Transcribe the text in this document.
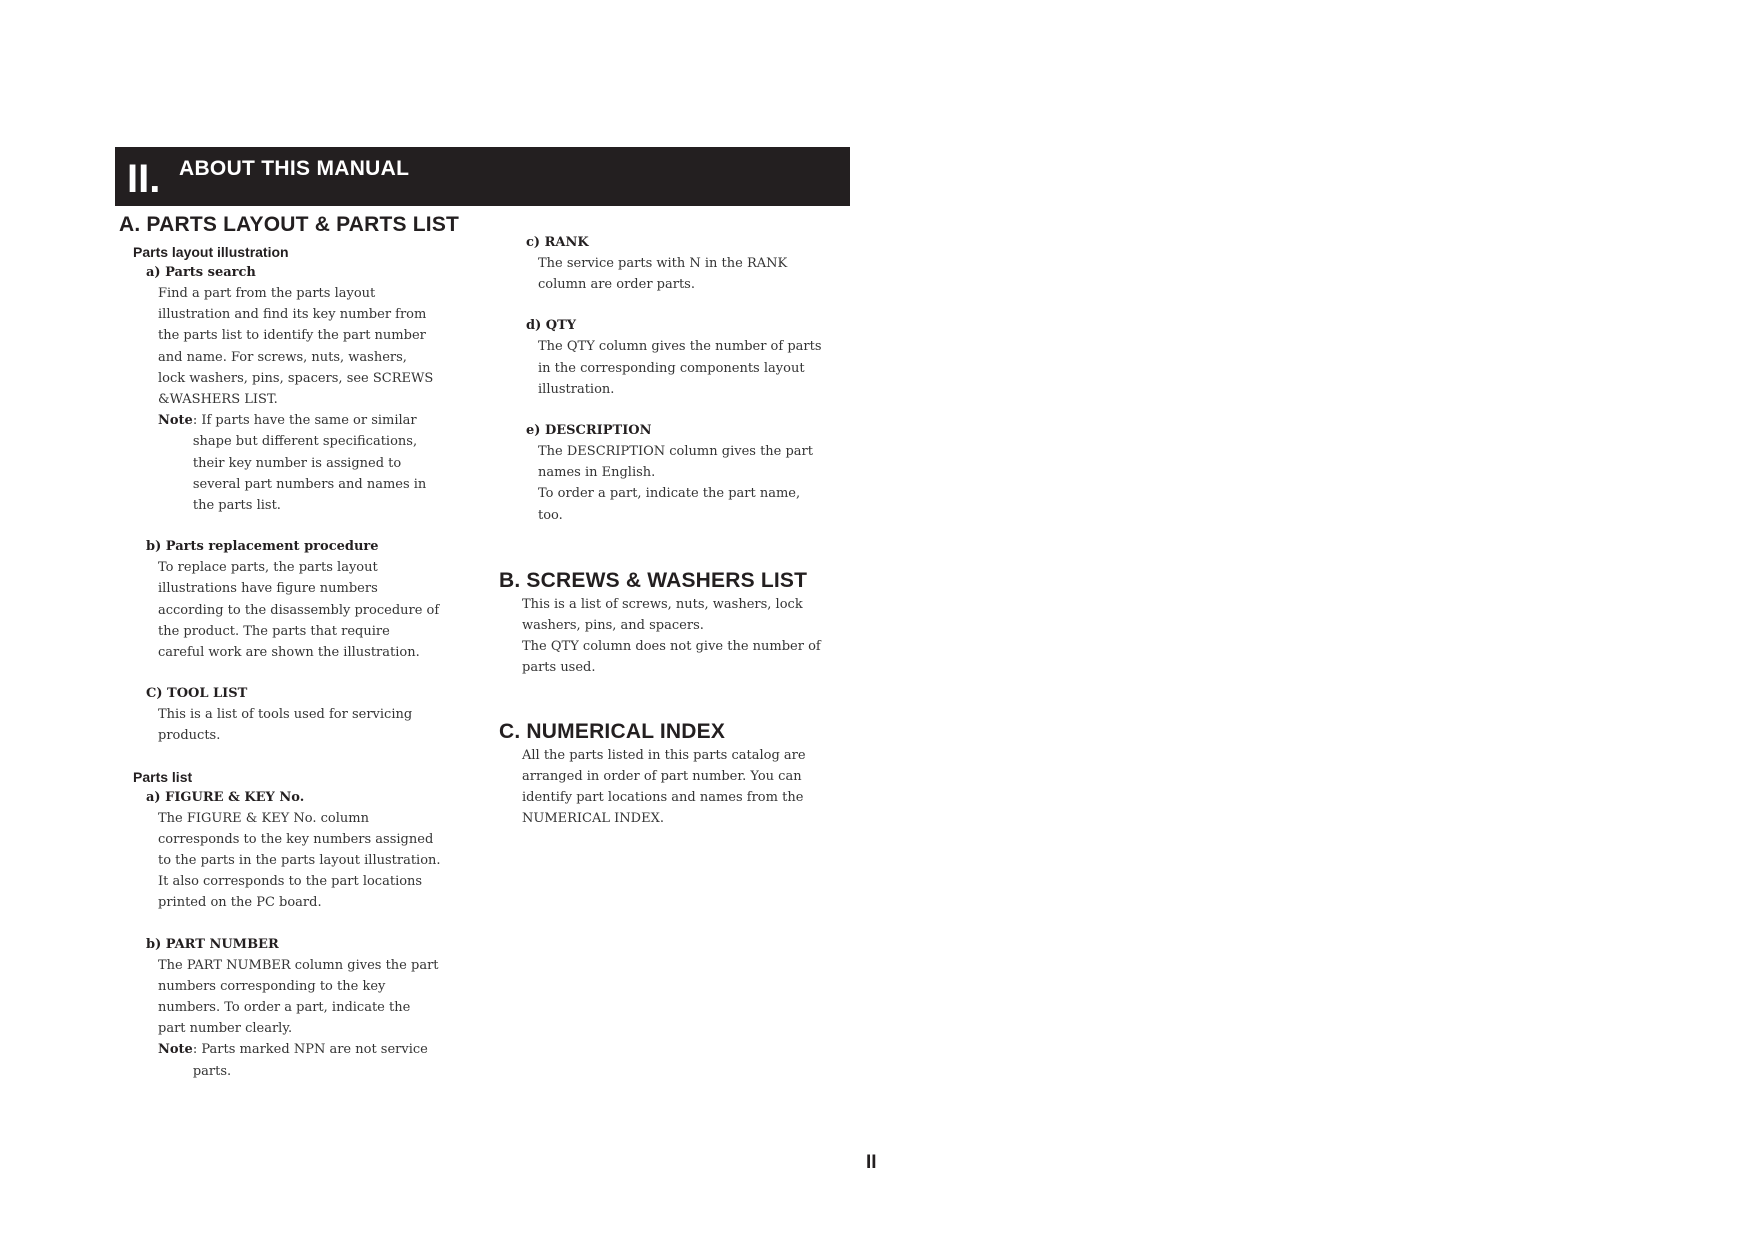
II. ABOUT THIS MANUAL
A. PARTS LAYOUT & PARTS LIST
Parts layout illustration
a) Parts search

Find a part from the parts layout
illustration and find its key number from
the parts list to identify the part number
and name. For screws, nuts, washers,
lock washers, pins, spacers, see SCREWS
&WASHERS LIST.

Note : If parts have the same or similar
shape but different specifications,
their key number is assigned to
several part numbers and names in
the parts list.
b) Parts replacement procedure

To replace parts, the parts layout
illustrations have figure numbers
according to the disassembly procedure of
the product. The parts that require
careful work are shown the illustration.

C) TOOL LIST

This is a list of tools used for servicing
products.

Parts list
a) FIGURE & KEY No.

The FIGURE & KEY No. column
corresponds to the key numbers assigned
to the parts in the parts layout illustration.
It also corresponds to the part locations
printed on the PC board.

b) PART NUMBER

The PART NUMBER column gives the part
numbers corresponding to the key
numbers. To order a part, indicate the
part number clearly.

Note : Parts marked NPN are not service
parts.
c) RANK

The service parts with N in the RANK
column are order parts.

d) QTY

The QTY column gives the number of parts
in the corresponding components layout
illustration.

e) DESCRIPTION

The DESCRIPTION column gives the part
names in English.
To order a part, indicate the part name,
too.

B. SCREWS & WASHERS LIST

This is a list of screws, nuts, washers, lock
washers, pins, and spacers.
The QTY column does not give the number of
parts used.

C. NUMERICAL INDEX

All the parts listed in this parts catalog are
arranged in order of part number. You can
identify part locations and names from the
NUMERICAL INDEX.

II
